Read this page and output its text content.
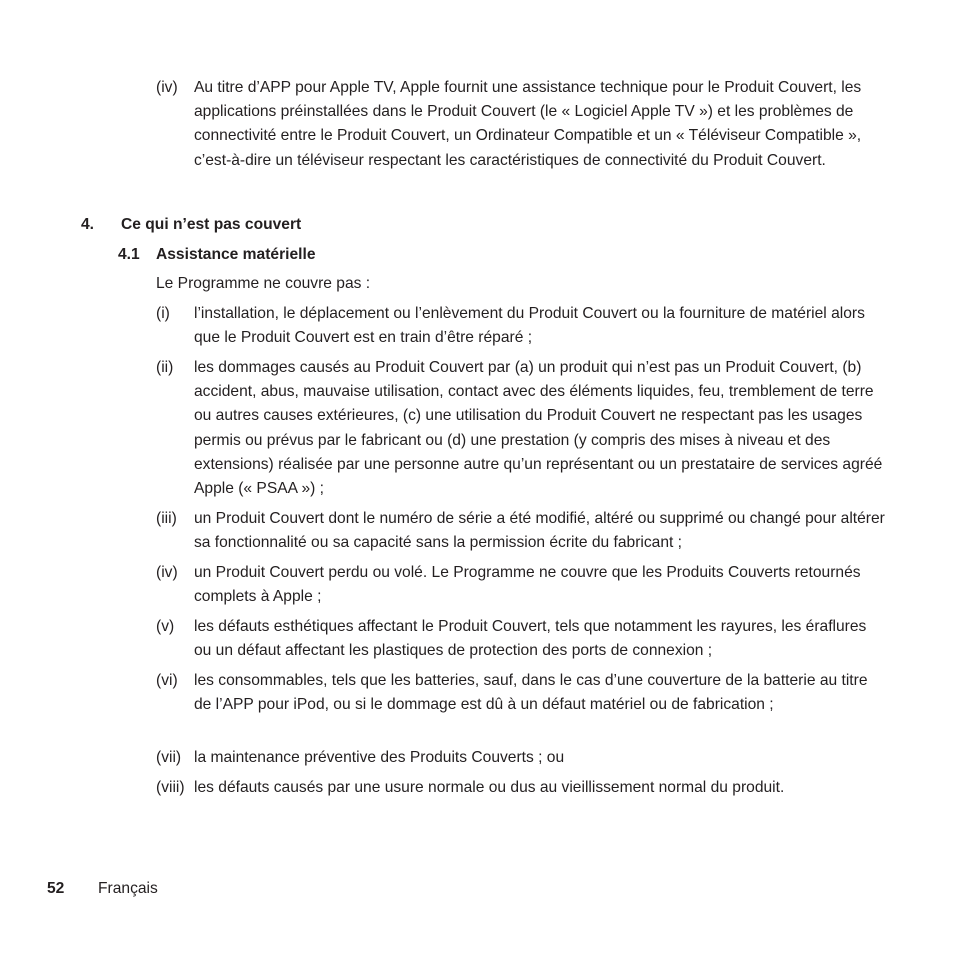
(iv) Au titre d’APP pour Apple TV, Apple fournit une assistance technique pour le Produit Couvert, les applications préinstallées dans le Produit Couvert (le « Logiciel Apple TV ») et les problèmes de connectivité entre le Produit Couvert, un Ordinateur Compatible et un « Téléviseur Compatible », c’est-à-dire un téléviseur respectant les caractéristiques de connectivité du Produit Couvert.
4. Ce qui n’est pas couvert
4.1 Assistance matérielle
Le Programme ne couvre pas :
(i) l’installation, le déplacement ou l’enlèvement du Produit Couvert ou la fourniture de matériel alors que le Produit Couvert est en train d’être réparé ;
(ii) les dommages causés au Produit Couvert par (a) un produit qui n’est pas un Produit Couvert, (b) accident, abus, mauvaise utilisation, contact avec des éléments liquides, feu, tremblement de terre ou autres causes extérieures, (c) une utilisation du Produit Couvert ne respectant pas les usages permis ou prévus par le fabricant ou (d) une prestation (y compris des mises à niveau et des extensions) réalisée par une personne autre qu’un représentant ou un prestataire de services agréé Apple (« PSAA ») ;
(iii) un Produit Couvert dont le numéro de série a été modifié, altéré ou supprimé ou changé pour altérer sa fonctionnalité ou sa capacité sans la permission écrite du fabricant ;
(iv) un Produit Couvert perdu ou volé. Le Programme ne couvre que les Produits Couverts retournés complets à Apple ;
(v) les défauts esthétiques affectant le Produit Couvert, tels que notamment les rayures, les éraflures ou un défaut affectant les plastiques de protection des ports de connexion ;
(vi) les consommables, tels que les batteries, sauf, dans le cas d’une couverture de la batterie au titre de l’APP pour iPod, ou si le dommage est dû à un défaut matériel ou de fabrication ;
(vii) la maintenance préventive des Produits Couverts ; ou
(viii) les défauts causés par une usure normale ou dus au vieillissement normal du produit.
52 Français
